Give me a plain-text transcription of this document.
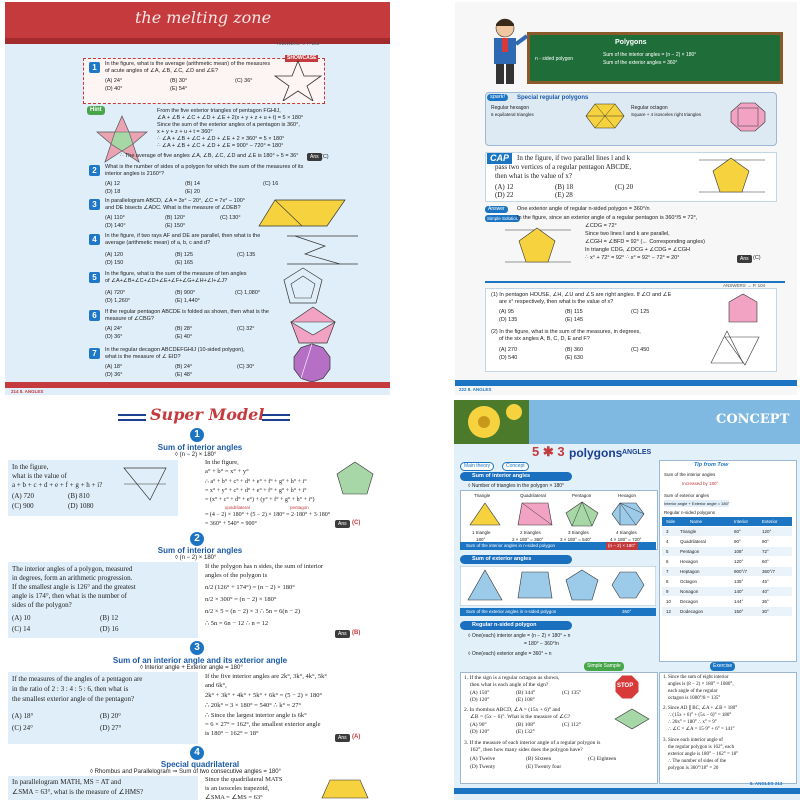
the melting zone
ANSWERS → P. 108
SHOWCASE
1	In the figure, what is the average (arithmetic mean) of the measures
of acute angles of ∠A, ∠B, ∠C, ∠D and ∠E?
(A) 24°	(B) 30°	(C) 36°
(D) 40°	(E) 54°
Hint	From the five exterior triangles of pentagon FGHIJ,
∠A + ∠B + ∠C + ∠D + ∠E + 2(x + y + z + u + t) = 5 × 180°
Since the sum of the exterior angles of a pentagon is 360°,
x + y + z + u + t = 360°
∴ ∠A + ∠B + ∠C + ∠D + ∠E + 2 × 360° = 5 × 180°
∴ ∠A + ∠B + ∠C + ∠D + ∠E = 900° − 720° = 180°
∴ The average of five angles ∠A, ∠B, ∠C, ∠D and ∠E is 180° ÷ 5 = 36°	Ans (C)
2	What is the number of sides of a polygon for which the sum of the measures of its
interior angles is 2160°?
(A) 12	(B) 14	(C) 16
(D) 18	(E) 20
3	In parallelogram ABCD, ∠A = 3x° − 20°, ∠C = 7x° − 100°
and DE bisects ∠ADC. What is the measure of ∠DEB?
(A) 110°	(B) 120°	(C) 130°
(D) 140°	(E) 150°
4	In the figure, if two rays AF and DE are parallel, then what is the
average (arithmetic mean) of a, b, c and d?
(A) 120	(B) 125	(C) 135
(D) 150	(E) 165
5	In the figure, what is the sum of the measure of ten angles
of ∠A+∠B+∠C+∠D+∠E+∠F+∠G+∠H+∠I+∠J?
(A) 720°	(B) 900°	(C) 1,080°
(D) 1,260°	(E) 1,440°
6	If the regular pentagon ABCDE is folded as shown, then what is the
measure of ∠CBG?
(A) 24°	(B) 28°	(C) 32°
(D) 36°	(E) 40°
7	In the regular decagon ABCDEFGHIJ (10-sided polygon),
what is the measure of ∠ EID?
(A) 18°	(B) 24°	(C) 30°
(D) 36°	(E) 48°
214 8. ANGLES
Polygons
n - sided polygon
Sum of the interior angles = (n − 2) × 180°
Sum of the exterior angles = 360°
spark!	Special regular polygons
Regular hexagon
6 equilateral triangles
Regular octagon
Square + 4 isosceles right triangles
CAP	In the figure, if two parallel lines l and k
pass two vertices of a regular pentagon ABCDE,
then what is the value of x?
(A) 12	(B) 18	(C) 20
(D) 22	(E) 28
Answer	One exterior angle of regular n-sided polygon = 360°/n
Simple Solution
In the figure, since an exterior angle of a regular pentagon is 360°/5 = 72°,
∠CDG = 72°
Since two lines l and k are parallel,
∠CGH = ∠BFD = 92° (← Corresponding angles)
In triangle CDG, ∠DCG + ∠CDG = ∠CGH
∴ x° + 72° = 92° ∴ x° = 92° − 72° = 20°	Ans (C)
ANSWERS → P. 104
(1) In pentagon HOUSE, ∠H, ∠U and ∠S are right angles. If ∠O and ∠E
are x° respectively, then what is the value of x?
(A) 95	(B) 115	(C) 125
(D) 135	(E) 145
(2) In the figure, what is the sum of the measures, in degrees,
of the six angles A, B, C, D, E and F?
(A) 270	(B) 360	(C) 450
(D) 540	(E) 630
222 8. ANGLES
Super Model
1
Sum of interior angles
◊ (n − 2) × 180°
In the figure,
what is the value of
a + b + c + d + e + f + g + h + i?
(A) 720	(B) 810
(C) 900	(D) 1080
In the figure,
a° + b° = x° + y°
∴ a° + b° + c° + d° + e° + f° + g° + h° + i°
= x° + y° + c° + d° + e° + f° + g° + h° + i°
= (x° + c° + d° + e°) + (y° + f° + g° + h° + i°)
quadrilateral	pentagon
= (4 − 2) × 180° + (5 − 2) × 180° = 2·180° + 3·180°
= 360° + 540° = 900°	Ans (C)
2
Sum of interior angles
◊ (n − 2) × 180°
The interior angles of a polygon, measured
in degrees, form an arithmetic progression.
If the smallest angle is 126° and the greatest
angle is 174°, then what is the number of
sides of the polygon?
(A) 10	(B) 12
(C) 14	(D) 16
If the polygon has n sides, the sum of interior
angles of the polygon is
n/2 (126° + 174°) = (n − 2) × 180°
n/2 × 300° = (n − 2) × 180°
n/2 × 5 = (n − 2) × 3 ∴ 5n = 6(n − 2)
∴ 5n = 6n − 12 ∴ n = 12
Ans (B)
3
Sum of an interior angle and its exterior angle
◊ Interior angle + Exterior angle = 180°
If the measures of the angles of a pentagon are
in the ratio of 2 : 3 : 4 : 5 : 6, then what is
the smallest exterior angle of the pentagon?
(A) 18°	(B) 20°
(C) 24°	(D) 27°
If the five interior angles are 2k°, 3k°, 4k°, 5k°
and 6k°,
2k° + 3k° + 4k° + 5k° + 6k° = (5 − 2) × 180°
∴ 20k° = 3 × 180° = 540° ∴ k° = 27°
∴ Since the largest interior angle is 6k°
= 6 × 27° = 162°, the smallest exterior angle
is 180° − 162° = 18°
Ans (A)
4
Special quadrilateral
◊ Rhombus and Parallelogram ⇒ Sum of two consecutive angles = 180°
In parallelogram MATH, MS = AT and
∠SMA = 63°, what is the measure of ∠HMS?
Since the quadrilateral MATS
is an isosceles trapezoid,
∠SMA = ∠MS = 63°
CONCEPT
5 ✱ 3 polygons ANGLES
Main theory	Concept
Sum of interior angles
◊ Number of triangles in the polygon × 180°
Triangle	Quadrilateral	Pentagon	Hexagon
1 triangle	2 triangles	3 triangles	4 triangles
180°	2 × 180° = 360°	3 × 180° = 540°	4 × 180° = 720°
Sum of the interior angles in n-sided polygon	(n − 2) × 180°
Sum of exterior angles
Sum of the exterior angles in n-sided polygon	360°
Regular n-sided polygon
◊ One(each) interior angle = (n − 2) × 180° ÷ n
= 180° − 360°/n
◊ One(each) exterior angle = 360° ÷ n
Tip from Tow
Sum of the interior angles
Increased by 180°
Sum of exterior angles
Interior angle + Exterior angle = 180°
Regular n-sided polygons
Side	Name	Interior	Exterior
3	Triangle	60°	120°
4	Quadrilateral	90°	90°
5	Pentagon	108°	72°
6	Hexagon	120°	60°
7	Heptagon	900°/7	360°/7
8	Octagon	135°	45°
9	Nonagon	140°	40°
10 Decagon	144°	36°
12 Dodecagon	150°	30°
Simple Sample	Exercise
STOP
1. If the sign is a regular octagon as shown,
then what is each angle of the sign?
(A) 150°	(B) 144°	(C) 135°
(D) 120°	(E) 108°
2. In rhombus ABCD, ∠A = (15x + 6)° and
∠B = (5x − 6)°. What is the measure of ∠C?
(A) 90°	(B) 108°	(C) 112°
(D) 120°	(E) 132°
3. If the measure of each interior angle of a regular polygon is
162°, then how many sides does the polygon have?
(A) Twelve	(B) Sixteen	(C) Eighteen
(D) Twenty	(E) Twenty four
1. Since the sum of eight interior
angles is (8 − 2) × 180° = 1080°,
each angle of the regular
octagon is 1080°/8 = 135°
2. Since AD ∥ BC, ∠A + ∠B = 180°
∴ (15x + 6)° + (5x − 6)° = 180°
∴ 20x° = 180° ∴ x° = 9°
∴ ∠C = ∠A = 15·9° + 6° = 141°
3. Since each interior angle of
the regular polygon is 162°, each
exterior angle is 180° − 162° = 18°
∴ The number of sides of the
polygon is 360°/18° = 20
8. ANGLES 213
